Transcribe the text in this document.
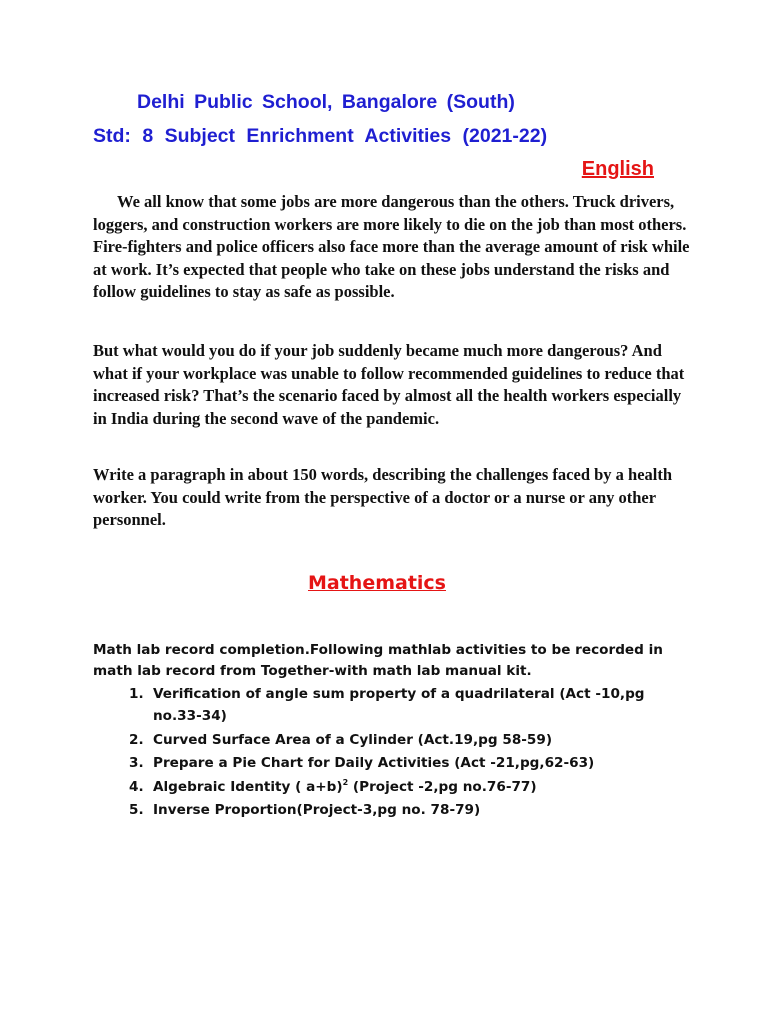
Delhi Public School, Bangalore (South)
Std: 8 Subject Enrichment Activities (2021-22)
English

We all know that some jobs are more dangerous than the others. Truck drivers, loggers, and construction workers are more likely to die on the job than most others. Fire-fighters and police officers also face more than the average amount of risk while at work. It’s expected that people who take on these jobs understand the risks and follow guidelines to stay as safe as possible.

But what would you do if your job suddenly became much more dangerous? And what if your workplace was unable to follow recommended guidelines to reduce that increased risk? That’s the scenario faced by almost all the health workers especially in India during the second wave of the pandemic.

Write a paragraph in about 150 words, describing the challenges faced by a health worker. You could write from the perspective of a doctor or a nurse or any other personnel.

Mathematics

Math lab record completion.Following mathlab activities to be recorded in math lab record from Together-with math lab manual kit.

1. Verification of angle sum property of a quadrilateral (Act -10,pg no.33-34)
2. Curved Surface Area of a Cylinder (Act.19,pg 58-59)
3. Prepare a Pie Chart for Daily Activities (Act -21,pg,62-63)
4. Algebraic Identity ( a+b)$^2$ (Project -2,pg no.76-77)
5. Inverse Proportion(Project-3,pg no. 78-79)
